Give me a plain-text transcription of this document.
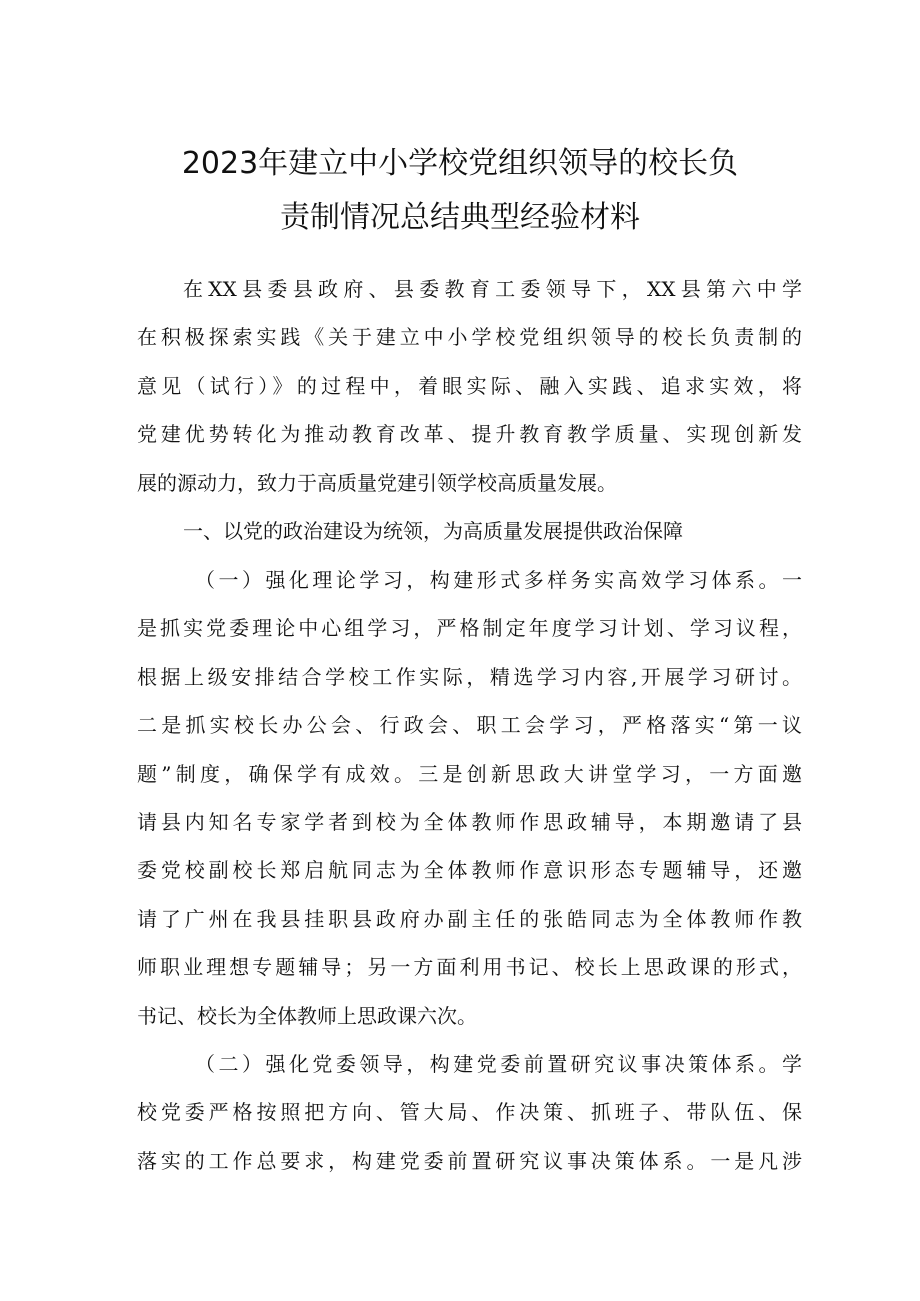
2023年建立中小学校党组织领导的校长负
责制情况总结典型经验材料
在XX县委县政府、县委教育工委领导下，XX县第六中学
在积极探索实践《关于建立中小学校党组织领导的校长负责制的
意见（试行）》的过程中，着眼实际、融入实践、追求实效，将
党建优势转化为推动教育改革、提升教育教学质量、实现创新发
展的源动力，致力于高质量党建引领学校高质量发展。
一、以党的政治建设为统领，为高质量发展提供政治保障
（一）强化理论学习，构建形式多样务实高效学习体系。一
是抓实党委理论中心组学习，严格制定年度学习计划、学习议程，
根据上级安排结合学校工作实际，精选学习内容,开展学习研讨。
二是抓实校长办公会、行政会、职工会学习，严格落实“第一议
题”制度，确保学有成效。三是创新思政大讲堂学习，一方面邀
请县内知名专家学者到校为全体教师作思政辅导，本期邀请了县
委党校副校长郑启航同志为全体教师作意识形态专题辅导，还邀
请了广州在我县挂职县政府办副主任的张皓同志为全体教师作教
师职业理想专题辅导；另一方面利用书记、校长上思政课的形式，
书记、校长为全体教师上思政课六次。
（二）强化党委领导，构建党委前置研究议事决策体系。学
校党委严格按照把方向、管大局、作决策、抓班子、带队伍、保
落实的工作总要求，构建党委前置研究议事决策体系。一是凡涉
